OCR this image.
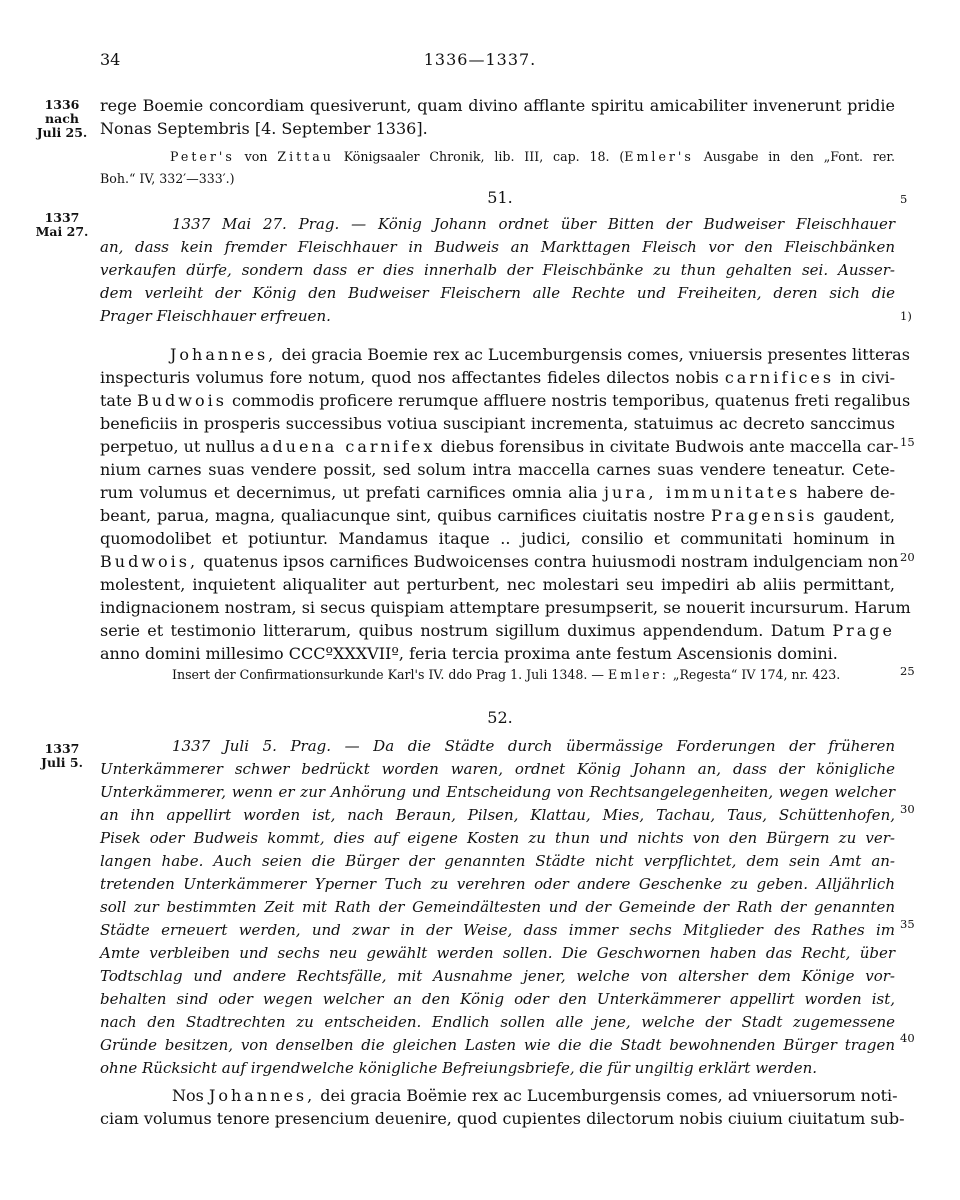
34	1336—1337.
1336
nach
Juli 25.
1337
Mai 27.
1337
Juli 5.
5
1)
15
20
25
30
35
40
rege Boemie concordiam quesiverunt, quam divino afflante spiritu amicabiliter invenerunt pridie
Nonas Septembris [4. September 1336].
Peter's von Zittau Königsaaler Chronik, lib. III, cap. 18. (Emler's Ausgabe in den „Font. rer.
Boh.“ IV, 332′—333′.)
51.
1337 Mai 27. Prag. — König Johann ordnet über Bitten der Budweiser Fleischhauer
an, dass kein fremder Fleischhauer in Budweis an Markttagen Fleisch vor den Fleischbänken
verkaufen dürfe, sondern dass er dies innerhalb der Fleischbänke zu thun gehalten sei. Ausser-
dem verleiht der König den Budweiser Fleischern alle Rechte und Freiheiten, deren sich die
Prager Fleischhauer erfreuen.
Johannes, dei gracia Boemie rex ac Lucemburgensis comes, vniuersis presentes litteras
inspecturis volumus fore notum, quod nos affectantes fideles dilectos nobis carnifices in civi-
tate Budwois commodis proficere rerumque affluere nostris temporibus, quatenus freti regalibus
beneficiis in prosperis successibus votiua suscipiant incrementa, statuimus ac decreto sanccimus
perpetuo, ut nullus aduena carnifex diebus forensibus in civitate Budwois ante maccella car-
nium carnes suas vendere possit, sed solum intra maccella carnes suas vendere teneatur. Cete-
rum volumus et decernimus, ut prefati carnifices omnia alia jura, immunitates habere de-
beant, parua, magna, qualiacunque sint, quibus carnifices ciuitatis nostre Pragensis gaudent,
quomodolibet et potiuntur. Mandamus itaque .. judici, consilio et communitati hominum in
Budwois, quatenus ipsos carnifices Budwoicenses contra huiusmodi nostram indulgenciam non
molestent, inquietent aliqualiter aut perturbent, nec molestari seu impediri ab aliis permittant,
indignacionem nostram, si secus quispiam attemptare presumpserit, se nouerit incursurum. Harum
serie et testimonio litterarum, quibus nostrum sigillum duximus appendendum. Datum Prage
anno domini millesimo CCCºXXXVIIº, feria tercia proxima ante festum Ascensionis domini.
Insert der Confirmationsurkunde Karl's IV. ddo Prag 1. Juli 1348. — Emler: „Regesta“ IV 174, nr. 423.
52.
1337 Juli 5. Prag. — Da die Städte durch übermässige Forderungen der früheren
Unterkämmerer schwer bedrückt worden waren, ordnet König Johann an, dass der königliche
Unterkämmerer, wenn er zur Anhörung und Entscheidung von Rechtsangelegenheiten, wegen welcher
an ihn appellirt worden ist, nach Beraun, Pilsen, Klattau, Mies, Tachau, Taus, Schüttenhofen,
Pisek oder Budweis kommt, dies auf eigene Kosten zu thun und nichts von den Bürgern zu ver-
langen habe. Auch seien die Bürger der genannten Städte nicht verpflichtet, dem sein Amt an-
tretenden Unterkämmerer Yperner Tuch zu verehren oder andere Geschenke zu geben. Alljährlich
soll zur bestimmten Zeit mit Rath der Gemeindältesten und der Gemeinde der Rath der genannten
Städte erneuert werden, und zwar in der Weise, dass immer sechs Mitglieder des Rathes im
Amte verbleiben und sechs neu gewählt werden sollen. Die Geschwornen haben das Recht, über
Todtschlag und andere Rechtsfälle, mit Ausnahme jener, welche von altersher dem Könige vor-
behalten sind oder wegen welcher an den König oder den Unterkämmerer appellirt worden ist,
nach den Stadtrechten zu entscheiden. Endlich sollen alle jene, welche der Stadt zugemessene
Gründe besitzen, von denselben die gleichen Lasten wie die die Stadt bewohnenden Bürger tragen
ohne Rücksicht auf irgendwelche königliche Befreiungsbriefe, die für ungiltig erklärt werden.
Nos Johannes, dei gracia Boëmie rex ac Lucemburgensis comes, ad vniuersorum noti-
ciam volumus tenore presencium deuenire, quod cupientes dilectorum nobis ciuium ciuitatum sub-
